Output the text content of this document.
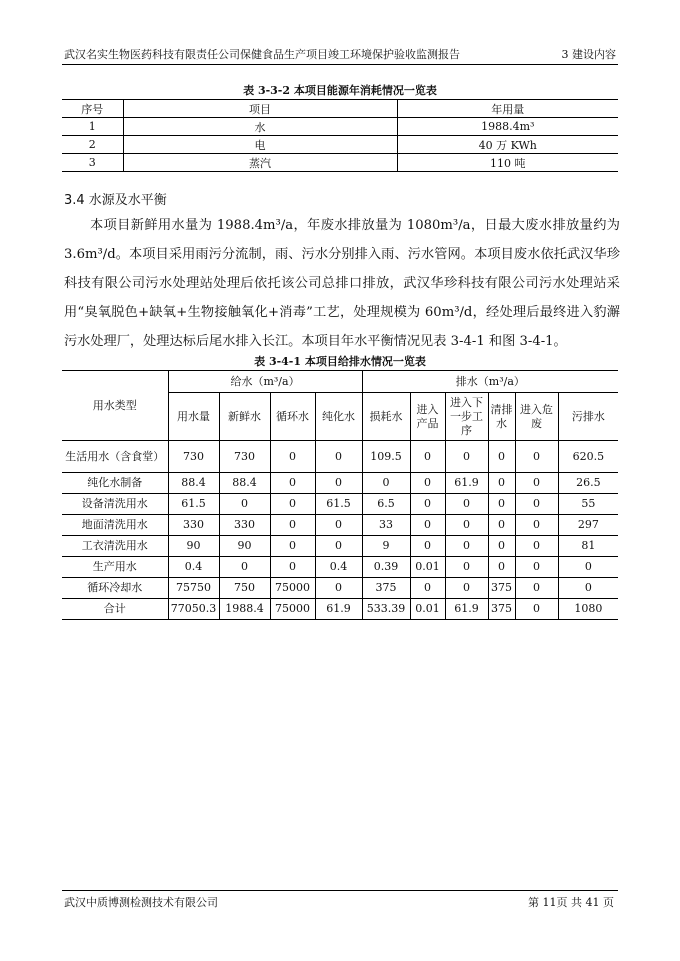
武汉名实生物医药科技有限责任公司保健食品生产项目竣工环境保护验收监测报告	3 建设内容
表 3-3-2 本项目能源年消耗情况一览表
序号	项目	年用量
1	水	1988.4m³
2	电	40 万 KWh
3	蒸汽	110 吨
3.4 水源及水平衡
本项目新鲜用水量为 1988.4m³/a，年废水排放量为 1080m³/a，日最大废水排放量约为 3.6m³/d。本项目采用雨污分流制，雨、污水分别排入雨、污水管网。本项目废水依托武汉华珍科技有限公司污水处理站处理后依托该公司总排口排放，武汉华珍科技有限公司污水处理站采用“臭氧脱色+缺氧+生物接触氧化+消毒”工艺，处理规模为 60m³/d，经处理后最终进入豹澥污水处理厂，处理达标后尾水排入长江。本项目年水平衡情况见表 3-4-1 和图 3-4-1。
表 3-4-1 本项目给排水情况一览表
用水类型	给水（m³/a）				排水（m³/a）					
	用水量	新鲜水	循环水	纯化水	损耗水	进入产品	进入下一步工序	清排水	进入危废	污排水
生活用水（含食堂）	730	730	0	0	109.5	0	0	0	0	620.5
纯化水制备	88.4	88.4	0	0	0	0	61.9	0	0	26.5
设备清洗用水	61.5	0	0	61.5	6.5	0	0	0	0	55
地面清洗用水	330	330	0	0	33	0	0	0	0	297
工衣清洗用水	90	90	0	0	9	0	0	0	0	81
生产用水	0.4	0	0	0.4	0.39	0.01	0	0	0	0
循环冷却水	75750	750	75000	0	375	0	0	375	0	0
合计	77050.3	1988.4	75000	61.9	533.39	0.01	61.9	375	0	1080
武汉中质博测检测技术有限公司	第 11页 共 41 页
